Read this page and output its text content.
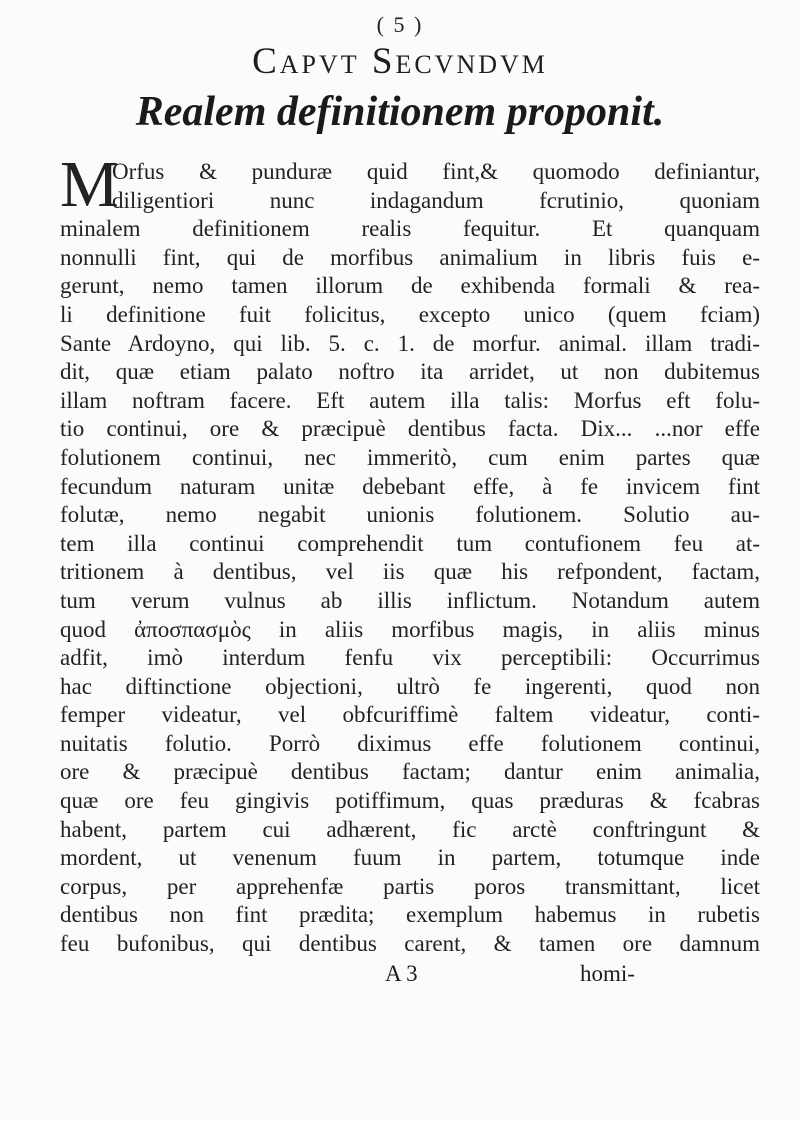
( 5 )
Capvt Secvndvm
Realem definitionem proponit.
M
Orfus & punduræ quid fint,& quomodo definiantur,
diligentiori nunc indagandum fcrutinio, quoniam
minalem definitionem realis fequitur. Et quanquam
nonnulli fint, qui de morfibus animalium in libris fuis e-
gerunt, nemo tamen illorum de exhibenda formali & rea-
li definitione fuit folicitus, excepto unico (quem fciam)
Sante Ardoyno, qui lib. 5. c. 1. de morfur. animal. illam tradi-
dit, quæ etiam palato noftro ita arridet, ut non dubitemus
illam noftram facere. Eft autem illa talis: Morfus eft folu-
tio continui, ore & præcipuè dentibus facta. Dix... ...nor effe
folutionem continui, nec immeritò, cum enim partes quæ
fecundum naturam unitæ debebant effe, à fe invicem fint
folutæ, nemo negabit unionis folutionem. Solutio au-
tem illa continui comprehendit tum contufionem feu at-
tritionem à dentibus, vel iis quæ his refpondent, factam,
tum verum vulnus ab illis inflictum. Notandum autem
quod ἀποσπασμὸς in aliis morfibus magis, in aliis minus
adfit, imò interdum fenfu vix perceptibili: Occurrimus
hac diftinctione objectioni, ultrò fe ingerenti, quod non
femper videatur, vel obfcuriffimè faltem videatur, conti-
nuitatis folutio. Porrò diximus effe folutionem continui,
ore & præcipuè dentibus factam; dantur enim animalia,
quæ ore feu gingivis potiffimum, quas præduras & fcabras
habent, partem cui adhærent, fic arctè conftringunt &
mordent, ut venenum fuum in partem, totumque inde
corpus, per apprehenfæ partis poros transmittant, licet
dentibus non fint prædita; exemplum habemus in rubetis
feu bufonibus, qui dentibus carent, & tamen ore damnum
A 3	homi-
